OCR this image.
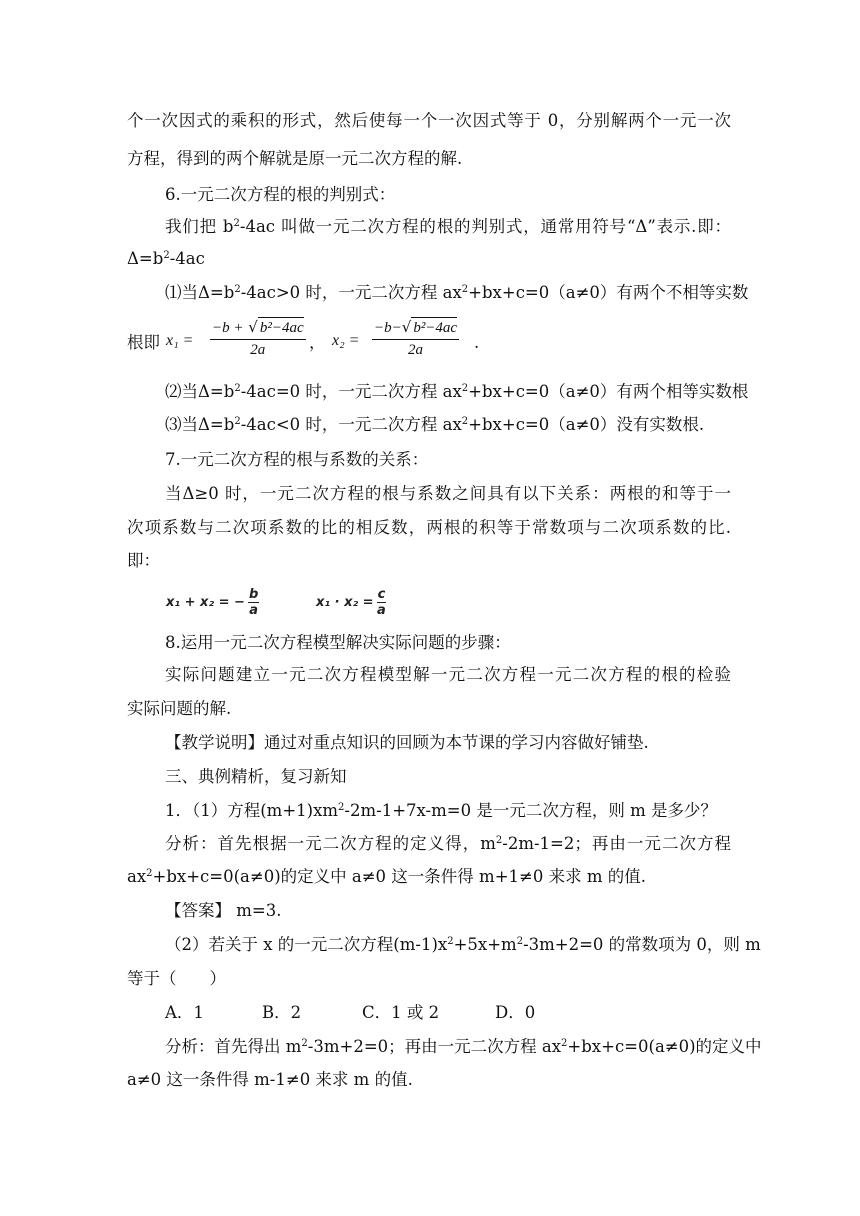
个一次因式的乘积的形式，然后使每一个一次因式等于 0，分别解两个一元一次
方程，得到的两个解就是原一元二次方程的解.
6.一元二次方程的根的判别式：
我们把 $b^2-4ac$ 叫做一元二次方程的根的判别式，通常用符号“Δ”表示.即：
$\Delta=b^2-4ac$
⑴当$\Delta=b^2-4ac>0$ 时，一元二次方程 $ax^2+bx+c=0(a\ne 0)$有两个不相等实数
根即 $x_1 = \frac{\text{−b + √ b²−4ac}}{2a}$ ， $x_2 = \frac{\text{−b−√ b²−4ac}}{2a}$ .
⑵当$\Delta=b^2-4ac=0$ 时，一元二次方程 $ax^2+bx+c=0(a\ne 0)$有两个相等实数根
⑶当$\Delta=b^2-4ac<0$ 时，一元二次方程 $ax^2+bx+c=0(a\ne 0)$没有实数根.
7.一元二次方程的根与系数的关系：
当Δ≥0 时，一元二次方程的根与系数之间具有以下关系：两根的和等于一
次项系数与二次项系数的比的相反数，两根的积等于常数项与二次项系数的比.
即：
x₁ + x₂ = − $\frac{b}{a}$	$x_1 \cdot x_2 = \frac{c}{a}$
8.运用一元二次方程模型解决实际问题的步骤：
实际问题建立一元二次方程模型解一元二次方程一元二次方程的根的检验
实际问题的解.
【教学说明】通过对重点知识的回顾为本节课的学习内容做好铺垫.
三、典例精析，复习新知
1．（1）方程$(m+1)xm^2-2m-1+7x-m=0$ 是一元二次方程，则 m 是多少？
分析：首先根据一元二次方程的定义得，$m^2-2m-1=2$；再由一元二次方程
$ax^2+bx+c=0(a\ne 0)$的定义中 a≠0 这一条件得 m+1≠0 来求 m 的值.
【答案】 m=3.
（2）若关于 x 的一元二次方程$(m-1)x^2+5x+m^2-3m+2=0$ 的常数项为 0，则 m
等于（　　）
A．1	B．2	C．1 或 2	D．0
分析：首先得出 $m^2-3m+2=0$；再由一元二次方程 $ax^2+bx+c=0(a\ne 0)$的定义中
a≠0 这一条件得 m-1≠0 来求 m 的值.
